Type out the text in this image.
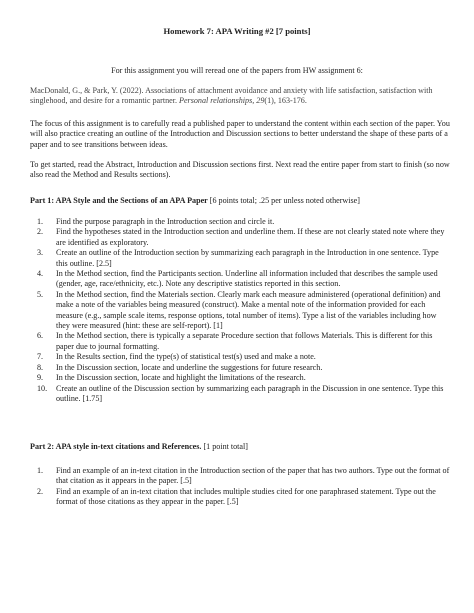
Homework 7: APA Writing #2 [7 points]
For this assignment you will reread one of the papers from HW assignment 6:
MacDonald, G., & Park, Y. (2022). Associations of attachment avoidance and anxiety with life satisfaction, satisfaction with singlehood, and desire for a romantic partner. Personal relationships, 29(1), 163-176.
The focus of this assignment is to carefully read a published paper to understand the content within each section of the paper. You will also practice creating an outline of the Introduction and Discussion sections to better understand the shape of these parts of a paper and to see transitions between ideas.
To get started, read the Abstract, Introduction and Discussion sections first. Next read the entire paper from start to finish (so now also read the Method and Results sections).
Part 1: APA Style and the Sections of an APA Paper [6 points total; .25 per unless noted otherwise]
1.	Find the purpose paragraph in the Introduction section and circle it.
2.	Find the hypotheses stated in the Introduction section and underline them. If these are not clearly stated note where they are identified as exploratory.
3.	Create an outline of the Introduction section by summarizing each paragraph in the Introduction in one sentence. Type this outline. [2.5]
4.	In the Method section, find the Participants section. Underline all information included that describes the sample used (gender, age, race/ethnicity, etc.). Note any descriptive statistics reported in this section.
5.	In the Method section, find the Materials section. Clearly mark each measure administered (operational definition) and make a note of the variables being measured (construct). Make a mental note of the information provided for each measure (e.g., sample scale items, response options, total number of items). Type a list of the variables including how they were measured (hint: these are self-report). [1]
6.	In the Method section, there is typically a separate Procedure section that follows Materials. This is different for this paper due to journal formatting.
7.	In the Results section, find the type(s) of statistical test(s) used and make a note.
8.	In the Discussion section, locate and underline the suggestions for future research.
9.	In the Discussion section, locate and highlight the limitations of the research.
10.	Create an outline of the Discussion section by summarizing each paragraph in the Discussion in one sentence. Type this outline. [1.75]
Part 2: APA style in-text citations and References. [1 point total]
1.	Find an example of an in-text citation in the Introduction section of the paper that has two authors. Type out the format of that citation as it appears in the paper. [.5]
2.	Find an example of an in-text citation that includes multiple studies cited for one paraphrased statement. Type out the format of those citations as they appear in the paper. [.5]
